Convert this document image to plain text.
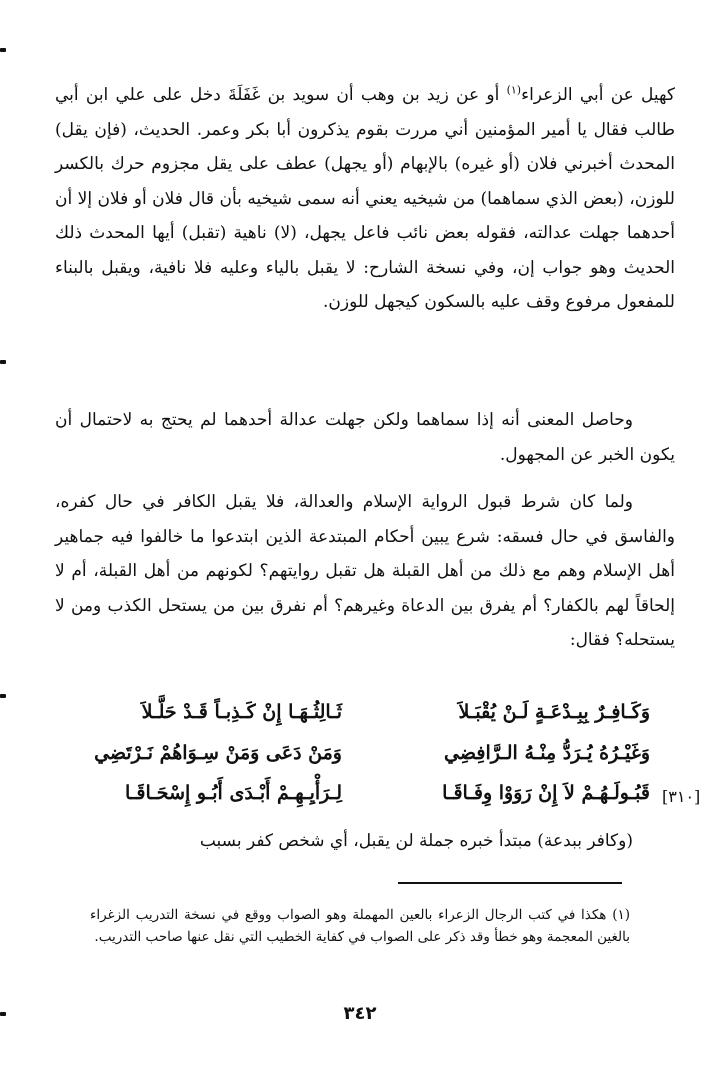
كهيل عن أبي الزعراء$^{(١)}$ أو عن زيد بن وهب أن سويد بن غَفَلَةَ دخل على علي ابن أبي طالب فقال يا أمير المؤمنين أني مررت بقوم يذكرون أبا بكر وعمر. الحديث، (فإن يقل) المحدث أخبرني فلان (أو غيره) بالإبهام (أو يجهل) عطف على يقل مجزوم حرك بالكسر للوزن، (بعض الذي سماهما) من شيخيه يعني أنه سمى شيخيه بأن قال فلان أو فلان إلا أن أحدهما جهلت عدالته، فقوله بعض نائب فاعل يجهل، (لا) ناهية (تقبل) أيها المحدث ذلك الحديث وهو جواب إن، وفي نسخة الشارح: لا يقبل بالياء وعليه فلا نافية، ويقبل بالبناء للمفعول مرفوع وقف عليه بالسكون كيجهل للوزن.

وحاصل المعنى أنه إذا سماهما ولكن جهلت عدالة أحدهما لم يحتج به لاحتمال أن يكون الخبر عن المجهول.

ولما كان شرط قبول الرواية الإسلام والعدالة، فلا يقبل الكافر في حال كفره، والفاسق في حال فسقه: شرع يبين أحكام المبتدعة الذين ابتدعوا ما خالفوا فيه جماهير أهل الإسلام وهم مع ذلك من أهل القبلة هل تقبل روايتهم؟ لكونهم من أهل القبلة، أم لا إلحاقاً لهم بالكفار؟ أم يفرق بين الدعاة وغيرهم؟ أم نفرق بين من يستحل الكذب ومن لا يستحله؟ فقال:

وَكَـافِـرٌ بِبِـدْعَـةٍ لَـنْ يُقْبَـلاَ
ثَـالِثُـهَـا إِنْ كَـذِبـاً قَـدْ حَلَّـلاَ
وَغَيْـرُهُ يُـرَدُّ مِنْـهُ الـرَّافِضِي
وَمَنْ دَعَى وَمَنْ سِـوَاهُمْ نَـرْتَضِي
قَبُـولَـهُـمْ لاَ إِنْ رَوَوْا وِفَـاقَـا
لِـرَأْيِـهِـمْ أَبْـدَى أَبُـو إِسْحَـاقَـا	[٣١٠]

(وكافر ببدعة) مبتدأ خبره جملة لن يقبل، أي شخص كفر بسبب

(١) هكذا في كتب الرجال الزعراء بالعين المهملة وهو الصواب ووقع في نسخة التدريب الزغراء بالغين المعجمة وهو خطأ وقد ذكر على الصواب في كفاية الخطيب التي نقل عنها صاحب التدريب.

٣٤٢
